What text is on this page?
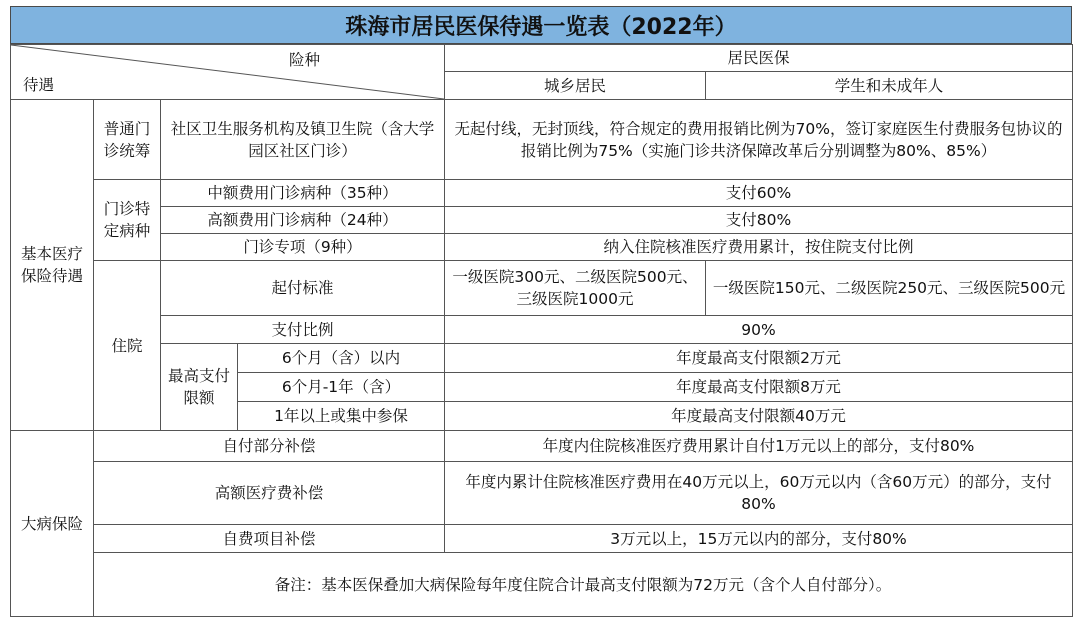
珠海市居民医保待遇一览表（2022年）
险种
待遇				居民医保	
				城乡居民	学生和未成年人
基本医疗保险待遇	普通门诊统筹	社区卫生服务机构及镇卫生院（含大学园区社区门诊）		无起付线，无封顶线，符合规定的费用报销比例为70%，签订家庭医生付费服务包协议的报销比例为75%（实施门诊共济保障改革后分别调整为80%、85%）	
	门诊特定病种	中额费用门诊病种（35种）		支付60%	
		高额费用门诊病种（24种）		支付80%	
		门诊专项（9种）		纳入住院核准医疗费用累计，按住院支付比例	
	住院	起付标准		一级医院300元、二级医院500元、三级医院1000元	一级医院150元、二级医院250元、三级医院500元
		支付比例		90%	
		最高支付限额	6个月（含）以内	年度最高支付限额2万元	
			6个月-1年（含）	年度最高支付限额8万元	
			1年以上或集中参保	年度最高支付限额40万元	
大病保险	自付部分补偿			年度内住院核准医疗费用累计自付1万元以上的部分，支付80%	
	高额医疗费补偿			年度内累计住院核准医疗费用在40万元以上，60万元以内（含60万元）的部分，支付80%	
	自费项目补偿			3万元以上，15万元以内的部分，支付80%	
	备注：基本医保叠加大病保险每年度住院合计最高支付限额为72万元（含个人自付部分）。				
